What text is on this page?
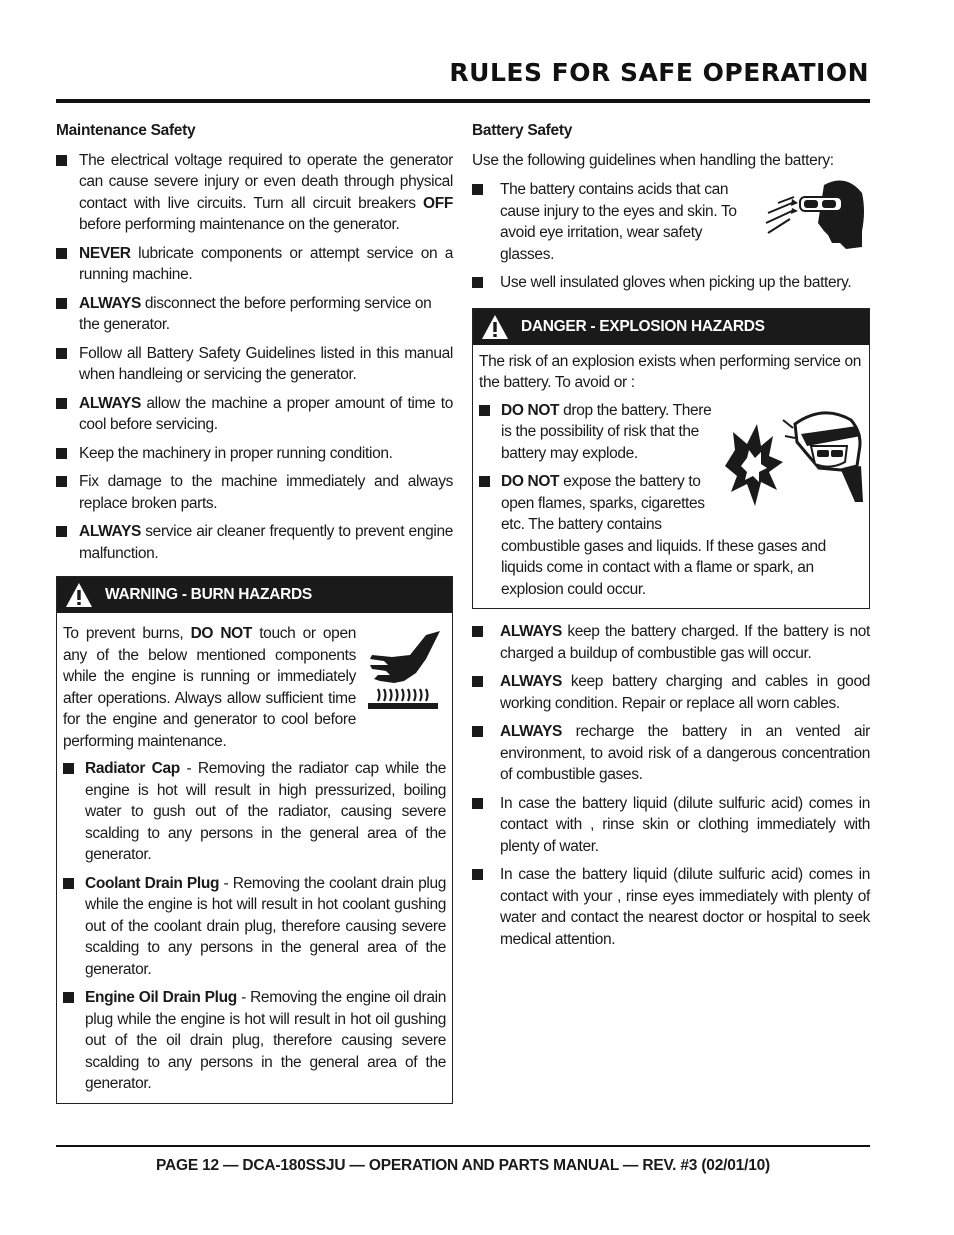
RULES FOR SAFE OPERATION
Maintenance Safety
The electrical voltage required to operate the generator can cause severe injury or even death through physical contact with live circuits. Turn all circuit breakers OFF before performing maintenance on the generator.
NEVER lubricate components or attempt service on a running machine.
ALWAYS disconnect the before performing service on the generator.
Follow all Battery Safety Guidelines listed in this manual when handleing or servicing the generator.
ALWAYS allow the machine a proper amount of time to cool before servicing.
Keep the machinery in proper running condition.
Fix damage to the machine immediately and always replace broken parts.
ALWAYS service air cleaner frequently to prevent engine malfunction.
WARNING - BURN HAZARDS

To prevent burns, DO NOT touch or open any of the below mentioned components while the engine is running or immediately after operations. Always allow sufficient time for the engine and generator to cool before performing maintenance.

Radiator Cap - Removing the radiator cap while the engine is hot will result in high pressurized, boiling water to gush out of the radiator, causing severe scalding to any persons in the general area of the generator.
Coolant Drain Plug - Removing the coolant drain plug while the engine is hot will result in hot coolant gushing out of the coolant drain plug, therefore causing severe scalding to any persons in the general area of the generator.
Engine Oil Drain Plug - Removing the engine oil drain plug while the engine is hot will result in hot oil gushing out of the oil drain plug, therefore causing severe scalding to any persons in the general area of the generator.
Battery Safety
Use the following guidelines when handling the battery:
The battery contains acids that can cause injury to the eyes and skin. To avoid eye irritation, wear safety glasses.
Use well insulated gloves when picking up the battery.
DANGER - EXPLOSION HAZARDS

The risk of an explosion exists when performing service on the battery. To avoid or :

DO NOT drop the battery. There is the possibility of risk that the battery may explode.
DO NOT expose the battery to open flames, sparks, cigarettes etc. The battery contains combustible gases and liquids. If these gases and liquids come in contact with a flame or spark, an explosion could occur.
ALWAYS keep the battery charged. If the battery is not charged a buildup of combustible gas will occur.
ALWAYS keep battery charging and cables in good working condition. Repair or replace all worn cables.
ALWAYS recharge the battery in an vented air environment, to avoid risk of a dangerous concentration of combustible gases.
In case the battery liquid (dilute sulfuric acid) comes in contact with , rinse skin or clothing immediately with plenty of water.
In case the battery liquid (dilute sulfuric acid) comes in contact with your , rinse eyes immediately with plenty of water and contact the nearest doctor or hospital to seek medical attention.
PAGE 12 — DCA-180SSJU — OPERATION AND PARTS MANUAL — REV. #3 (02/01/10)
